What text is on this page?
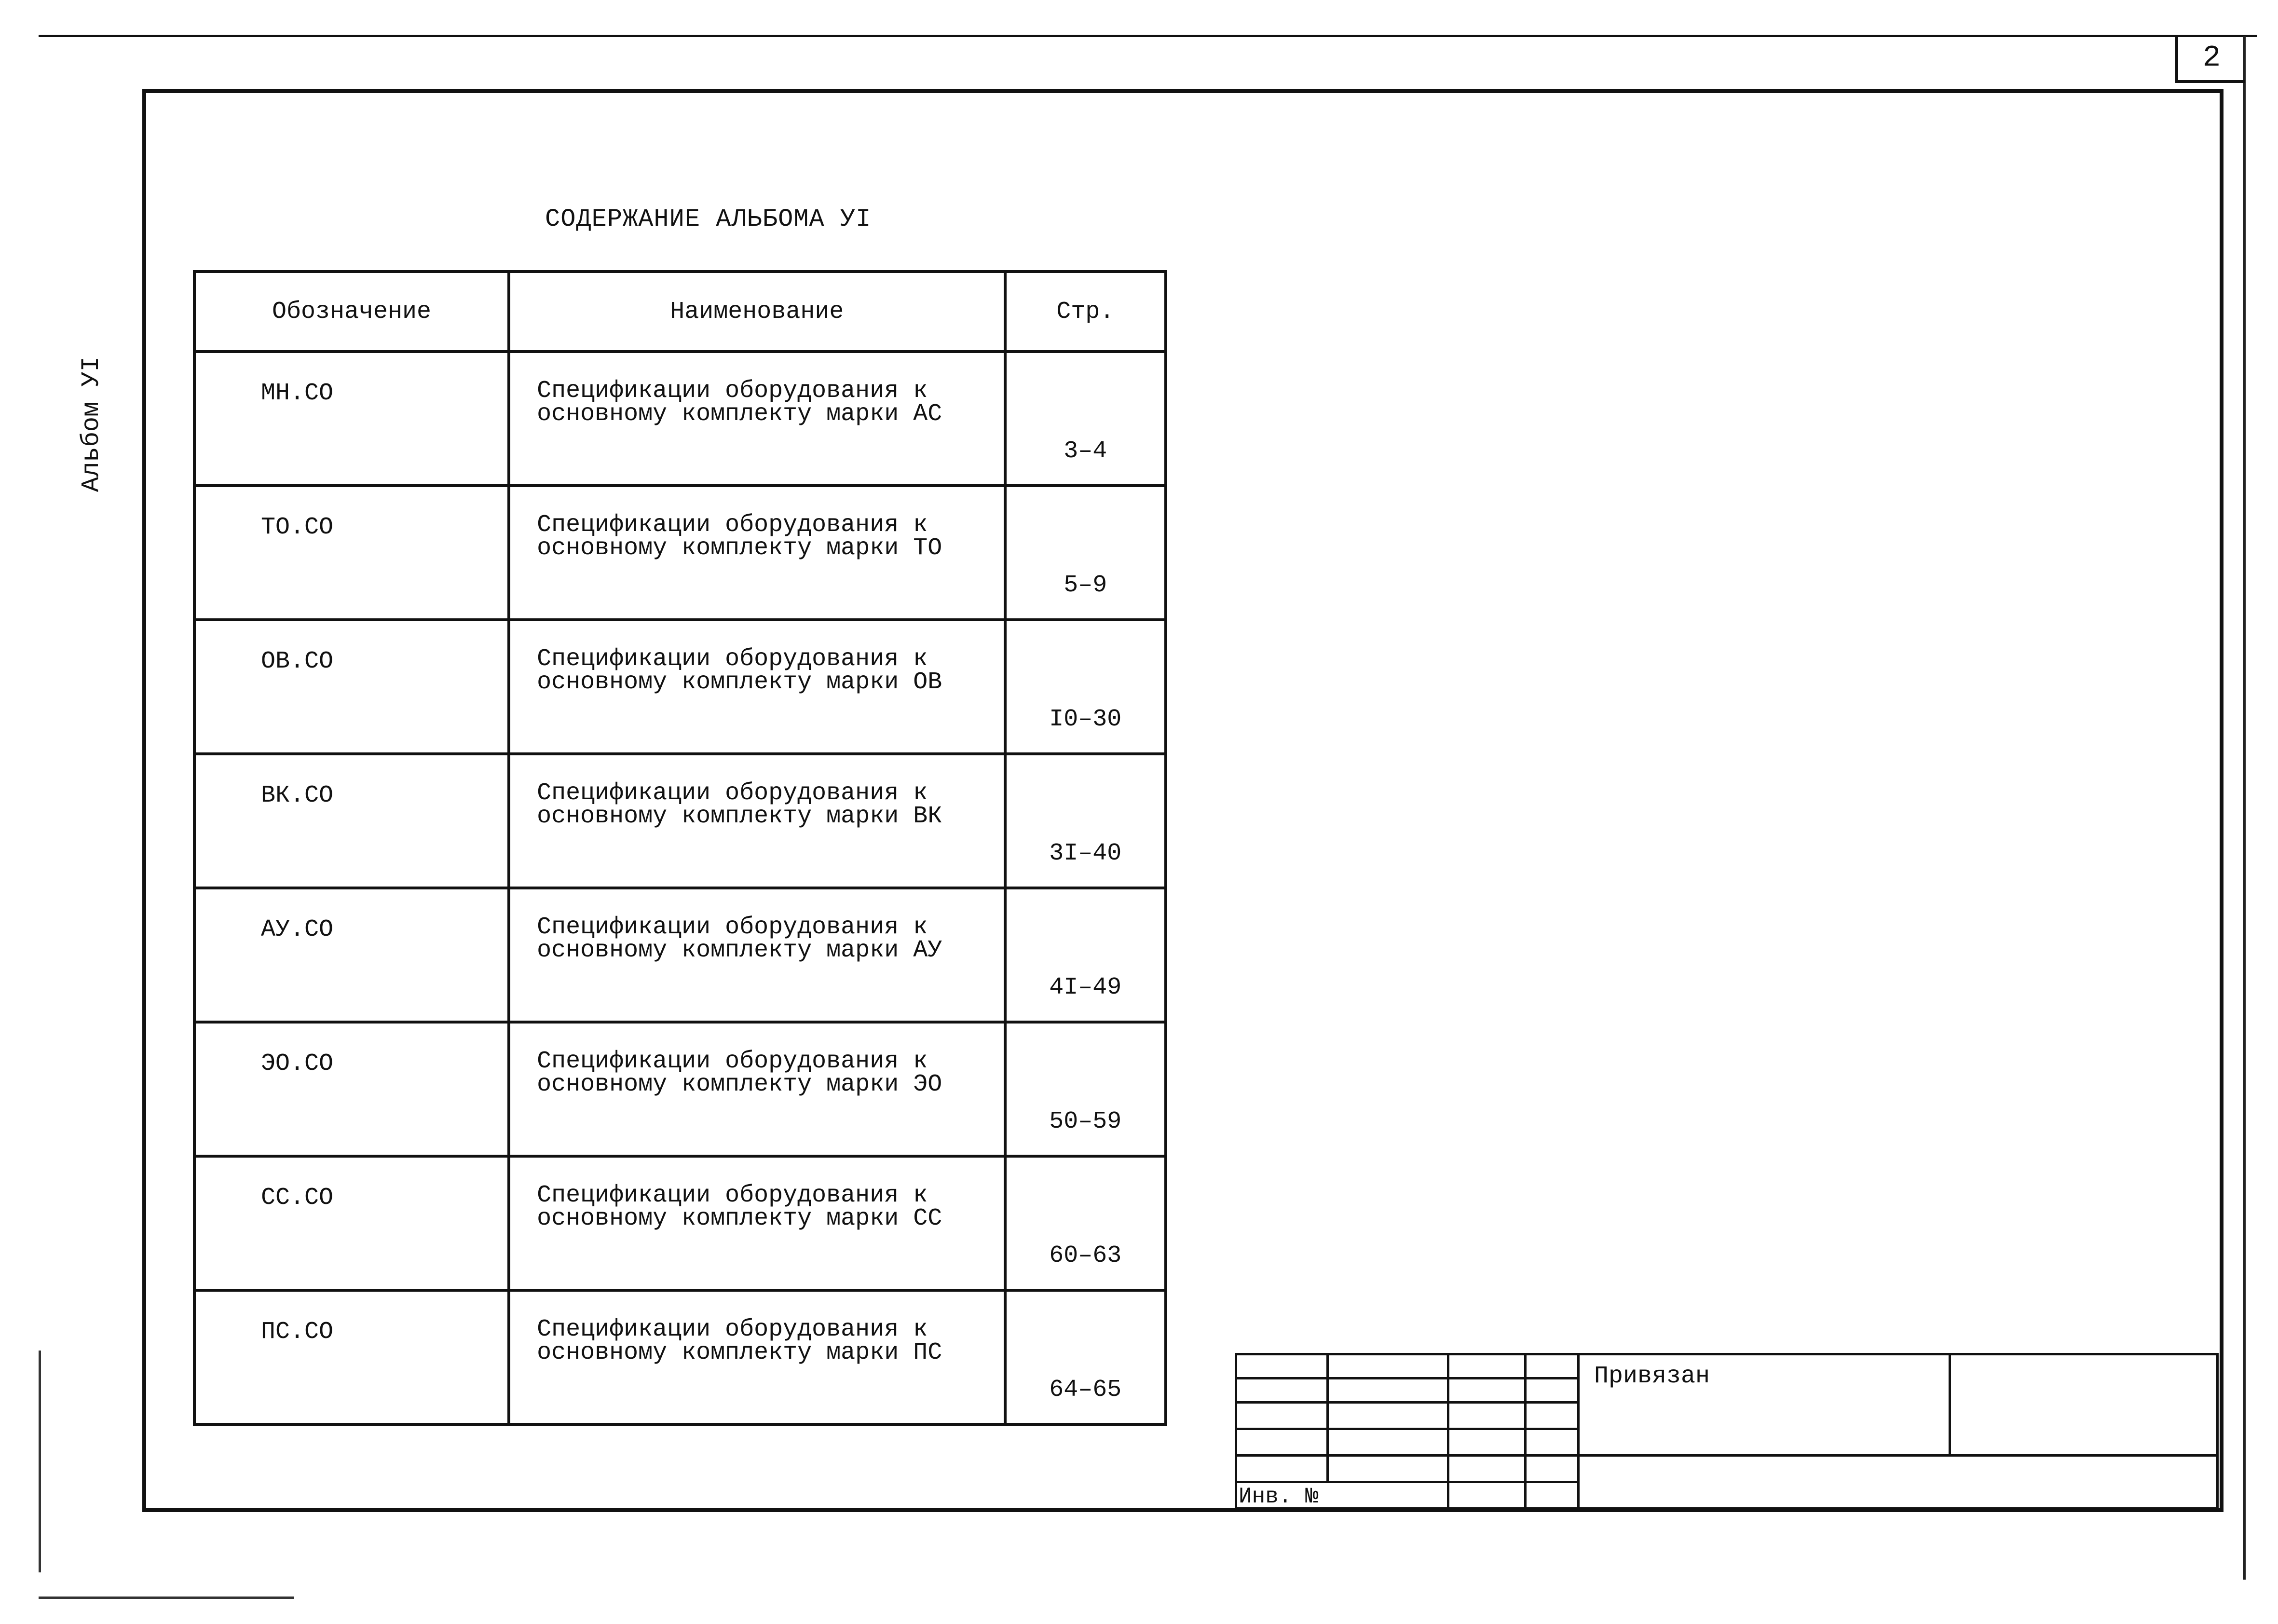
2
Альбом УI
СОДЕРЖАНИЕ АЛЬБОМА УI
Обозначение	Наименование	Стр.
МН.СО	Спецификации оборудования к
основному комплекту марки АС	3–4
ТО.СО	Спецификации оборудования к
основному комплекту марки ТО	5–9
ОВ.СО	Спецификации оборудования к
основному комплекту марки ОВ	I0–30
ВК.СО	Спецификации оборудования к
основному комплекту марки ВК	3I–40
АУ.СО	Спецификации оборудования к
основному комплекту марки АУ	4I–49
ЭО.СО	Спецификации оборудования к
основному комплекту марки ЭО	50–59
СС.СО	Спецификации оборудования к
основному комплекту марки СС	60–63
ПС.СО	Спецификации оборудования к
основному комплекту марки ПС	64–65	Привязан
Инв. №
